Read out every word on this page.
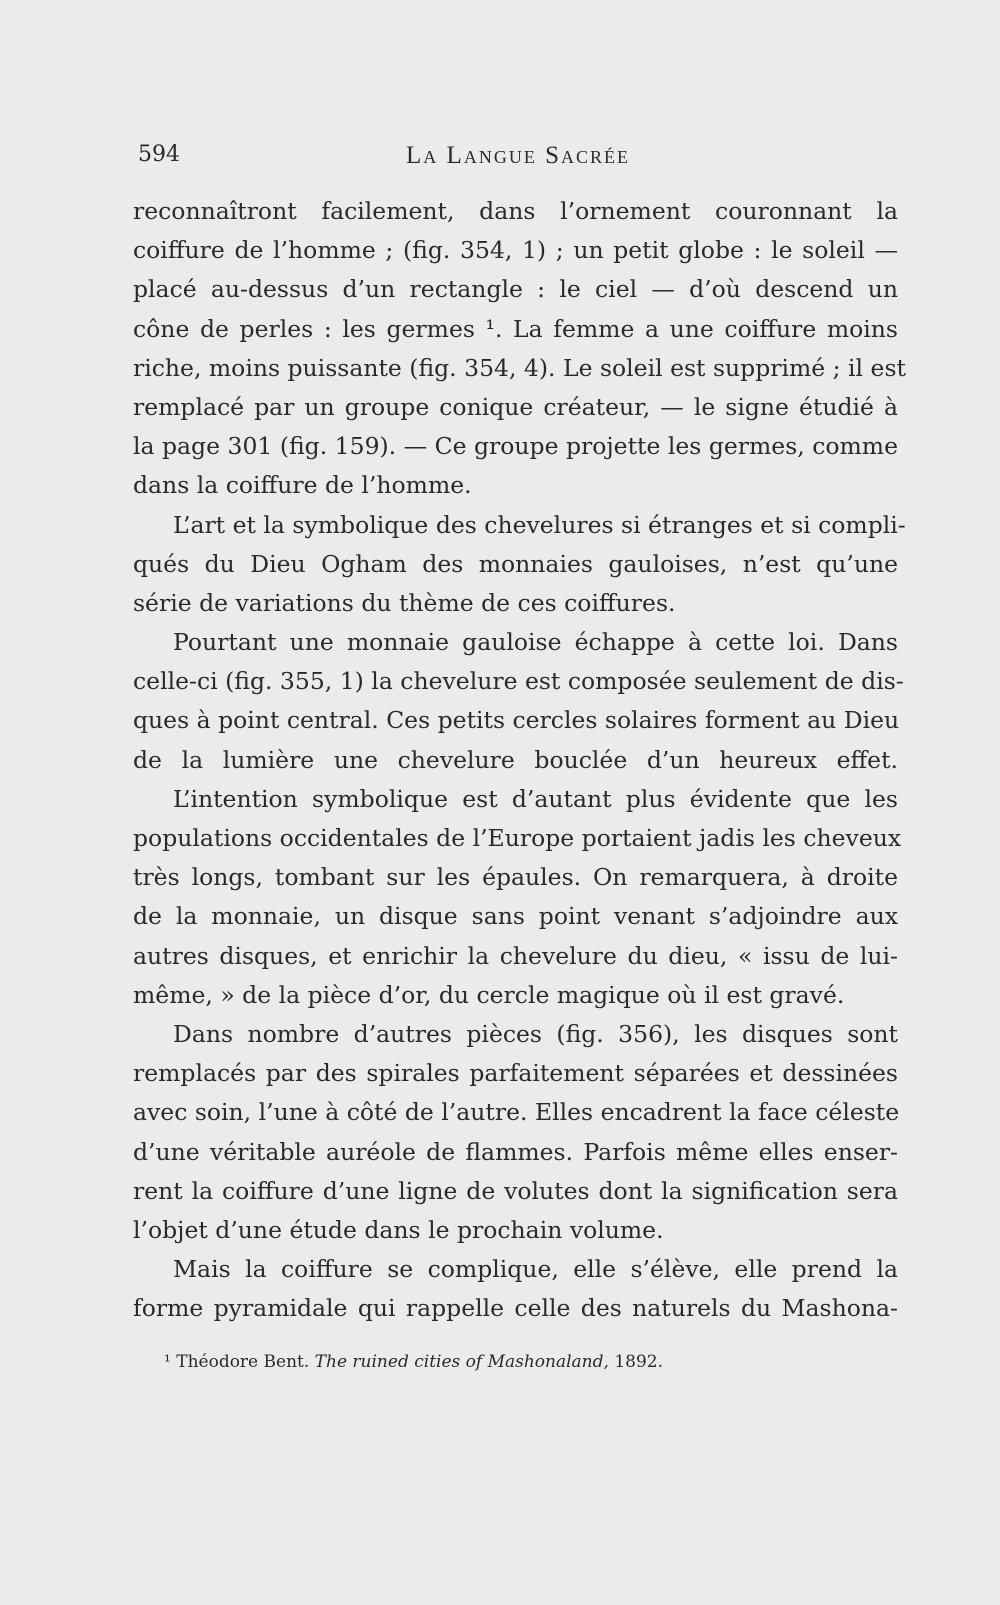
594	La Langue Sacrée
reconnaîtront facilement, dans l’ornement couronnant la
coiffure de l’homme ; (fig. 354, 1) ; un petit globe : le soleil —
placé au-dessus d’un rectangle : le ciel — d’où descend un
cône de perles : les germes ¹. La femme a une coiffure moins
riche, moins puissante (fig. 354, 4). Le soleil est supprimé ; il est
remplacé par un groupe conique créateur, — le signe étudié à
la page 301 (fig. 159). — Ce groupe projette les germes, comme
dans la coiffure de l’homme.
L’art et la symbolique des chevelures si étranges et si compli-
qués du Dieu Ogham des monnaies gauloises, n’est qu’une
série de variations du thème de ces coiffures.
Pourtant une monnaie gauloise échappe à cette loi. Dans
celle-ci (fig. 355, 1) la chevelure est composée seulement de dis-
ques à point central. Ces petits cercles solaires forment au Dieu
de la lumière une chevelure bouclée d’un heureux effet.
L’intention symbolique est d’autant plus évidente que les
populations occidentales de l’Europe portaient jadis les cheveux
très longs, tombant sur les épaules. On remarquera, à droite
de la monnaie, un disque sans point venant s’adjoindre aux
autres disques, et enrichir la chevelure du dieu, « issu de lui-
même, » de la pièce d’or, du cercle magique où il est gravé.
Dans nombre d’autres pièces (fig. 356), les disques sont
remplacés par des spirales parfaitement séparées et dessinées
avec soin, l’une à côté de l’autre. Elles encadrent la face céleste
d’une véritable auréole de flammes. Parfois même elles enser-
rent la coiffure d’une ligne de volutes dont la signification sera
l’objet d’une étude dans le prochain volume.
Mais la coiffure se complique, elle s’élève, elle prend la
forme pyramidale qui rappelle celle des naturels du Mashona-
¹ Théodore Bent. The ruined cities of Mashonaland, 1892.
